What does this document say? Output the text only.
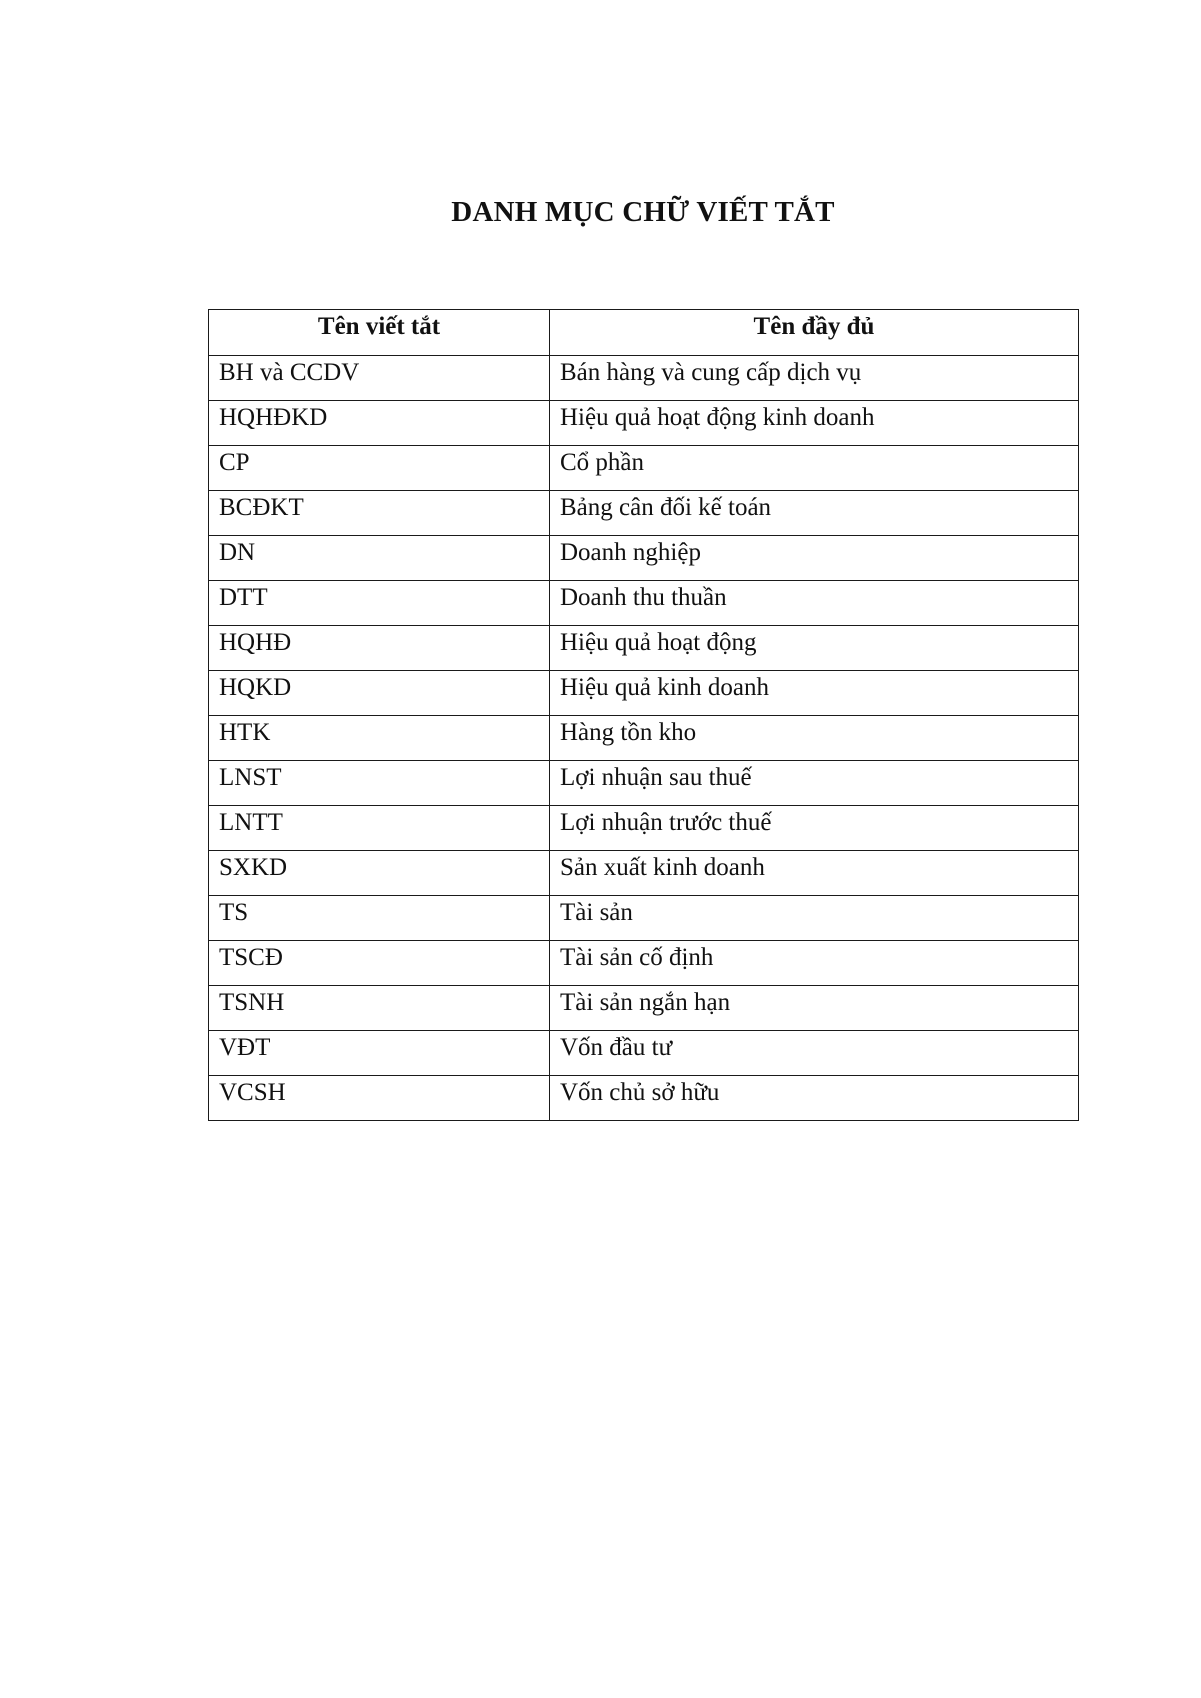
DANH MỤC CHỮ VIẾT TẮT
Tên viết tắt	Tên đầy đủ
BH và CCDV	Bán hàng và cung cấp dịch vụ
HQHĐKD	Hiệu quả hoạt động kinh doanh
CP	Cổ phần
BCĐKT	Bảng cân đối kế toán
DN	Doanh nghiệp
DTT	Doanh thu thuần
HQHĐ	Hiệu quả hoạt động
HQKD	Hiệu quả kinh doanh
HTK	Hàng tồn kho
LNST	Lợi nhuận sau thuế
LNTT	Lợi nhuận trước thuế
SXKD	Sản xuất kinh doanh
TS	Tài sản
TSCĐ	Tài sản cố định
TSNH	Tài sản ngắn hạn
VĐT	Vốn đầu tư
VCSH	Vốn chủ sở hữu
